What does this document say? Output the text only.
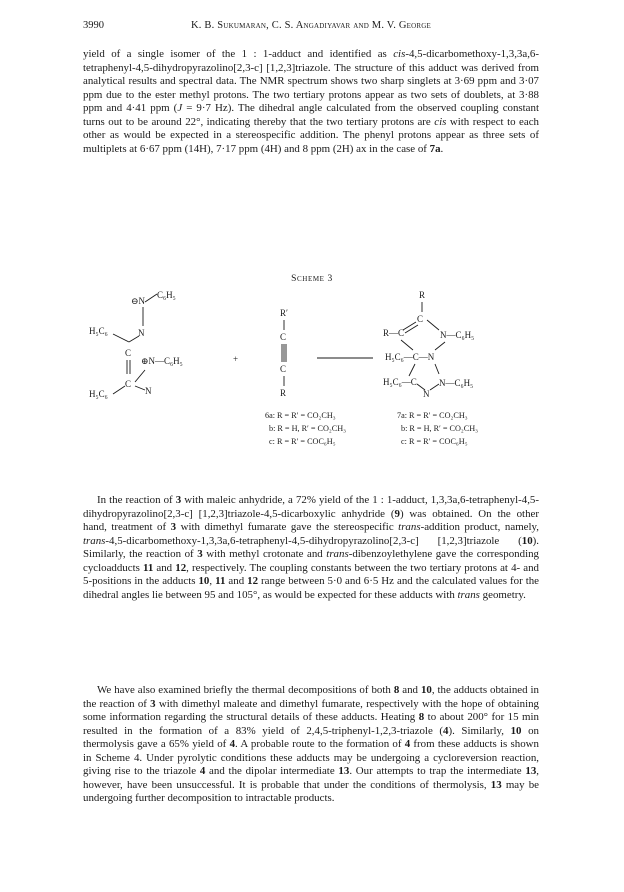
3990	K. B. Sukumaran, C. S. Angadiyavar and M. V. George

yield of a single isomer of the 1 : 1-adduct and identified as cis-4,5-dicarbomethoxy-1,3,3a,6-tetraphenyl-4,5-dihydropyrazolino[2,3-c] [1,2,3]triazole. The structure of this adduct was derived from analytical results and spectral data. The NMR spectrum shows two sharp singlets at 3·69 ppm and 3·07 ppm due to the ester methyl protons. The two tertiary protons appear as two sets of doublets, at 3·88 ppm and 4·41 ppm (J = 9·7 Hz). The dihedral angle calculated from the observed coupling constant turns out to be around 22°, indicating thereby that the two tertiary protons are cis with respect to each other as would be expected in a stereospecific addition. The phenyl protons appear as three sets of multiplets at 6·67 ppm (14H), 7·17 ppm (4H) and 8 ppm (2H) ax in the case of 7a.

Scheme 3
⊖N
C₆H₅
N
H₅C₆
C
⊕N—C₆H₅
C
H₅C₆	N
+
R′
C
C
R
R
C
R—C	N—C₆H₅
H₅C₆—C—N
H₅C₆—C
N
N—C₆H₅
6a: R = R′ = CO₂CH₃
b: R = H, R′ = CO₂CH₃
c: R = R′ = COC₆H₅
7a: R = R′ = CO₂CH₃
b: R = H, R′ = CO₂CH₃
c: R = R′ = COC₆H₅

In the reaction of 3 with maleic anhydride, a 72% yield of the 1 : 1-adduct, 1,3,3a,6-tetraphenyl-4,5-dihydropyrazolino[2,3-c] [1,2,3]triazole-4,5-dicarboxylic anhydride (9) was obtained. On the other hand, treatment of 3 with dimethyl fumarate gave the stereospecific trans-addition product, namely, trans-4,5-dicarbomethoxy-1,3,3a,6-tetraphenyl-4,5-dihydropyrazolino[2,3-c] [1,2,3]triazole (10). Similarly, the reaction of 3 with methyl crotonate and trans-dibenzoylethylene gave the corresponding cycloadducts 11 and 12, respectively. The coupling constants between the two tertiary protons at 4- and 5-positions in the adducts 10, 11 and 12 range between 5·0 and 6·5 Hz and the calculated values for the dihedral angles lie between 95 and 105°, as would be expected for these adducts with trans geometry.

We have also examined briefly the thermal decompositions of both 8 and 10, the adducts obtained in the reaction of 3 with dimethyl maleate and dimethyl fumarate, respectively with the hope of obtaining some information regarding the structural details of these adducts. Heating 8 to about 200° for 15 min resulted in the formation of a 83% yield of 2,4,5-triphenyl-1,2,3-triazole (4). Similarly, 10 on thermolysis gave a 65% yield of 4. A probable route to the formation of 4 from these adducts is shown in Scheme 4. Under pyrolytic conditions these adducts may be undergoing a cycloreversion reaction, giving rise to the triazole 4 and the dipolar intermediate 13. Our attempts to trap the intermediate 13, however, have been unsuccessful. It is probable that under the conditions of thermolysis, 13 may be undergoing further decomposition to intractable products.
